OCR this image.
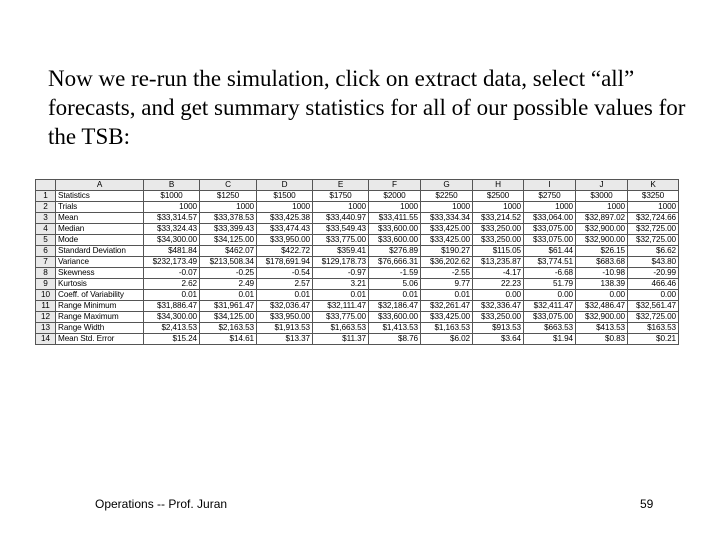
Now we re-run the simulation, click on extract data, select “all” forecasts, and get summary statistics for all of our possible values for the TSB:

	A	B	C	D	E	F	G	H	I	J	K
1	Statistics	$1000	$1250	$1500	$1750	$2000	$2250	$2500	$2750	$3000	$3250
2	Trials	1000	1000	1000	1000	1000	1000	1000	1000	1000	1000
3	Mean	$33,314.57	$33,378.53	$33,425.38	$33,440.97	$33,411.55	$33,334.34	$33,214.52	$33,064.00	$32,897.02	$32,724.66
4	Median	$33,324.43	$33,399.43	$33,474.43	$33,549.43	$33,600.00	$33,425.00	$33,250.00	$33,075.00	$32,900.00	$32,725.00
5	Mode	$34,300.00	$34,125.00	$33,950.00	$33,775.00	$33,600.00	$33,425.00	$33,250.00	$33,075.00	$32,900.00	$32,725.00
6	Standard Deviation	$481.84	$462.07	$422.72	$359.41	$276.89	$190.27	$115.05	$61.44	$26.15	$6.62
7	Variance	$232,173.49	$213,508.34	$178,691.94	$129,178.73	$76,666.31	$36,202.62	$13,235.87	$3,774.51	$683.68	$43.80
8	Skewness	-0.07	-0.25	-0.54	-0.97	-1.59	-2.55	-4.17	-6.68	-10.98	-20.99
9	Kurtosis	2.62	2.49	2.57	3.21	5.06	9.77	22.23	51.79	138.39	466.46
10	Coeff. of Variability	0.01	0.01	0.01	0.01	0.01	0.01	0.00	0.00	0.00	0.00
11	Range Minimum	$31,886.47	$31,961.47	$32,036.47	$32,111.47	$32,186.47	$32,261.47	$32,336.47	$32,411.47	$32,486.47	$32,561.47
12	Range Maximum	$34,300.00	$34,125.00	$33,950.00	$33,775.00	$33,600.00	$33,425.00	$33,250.00	$33,075.00	$32,900.00	$32,725.00
13	Range Width	$2,413.53	$2,163.53	$1,913.53	$1,663.53	$1,413.53	$1,163.53	$913.53	$663.53	$413.53	$163.53
14	Mean Std. Error	$15.24	$14.61	$13.37	$11.37	$8.76	$6.02	$3.64	$1.94	$0.83	$0.21
Operations -- Prof. Juran	59
